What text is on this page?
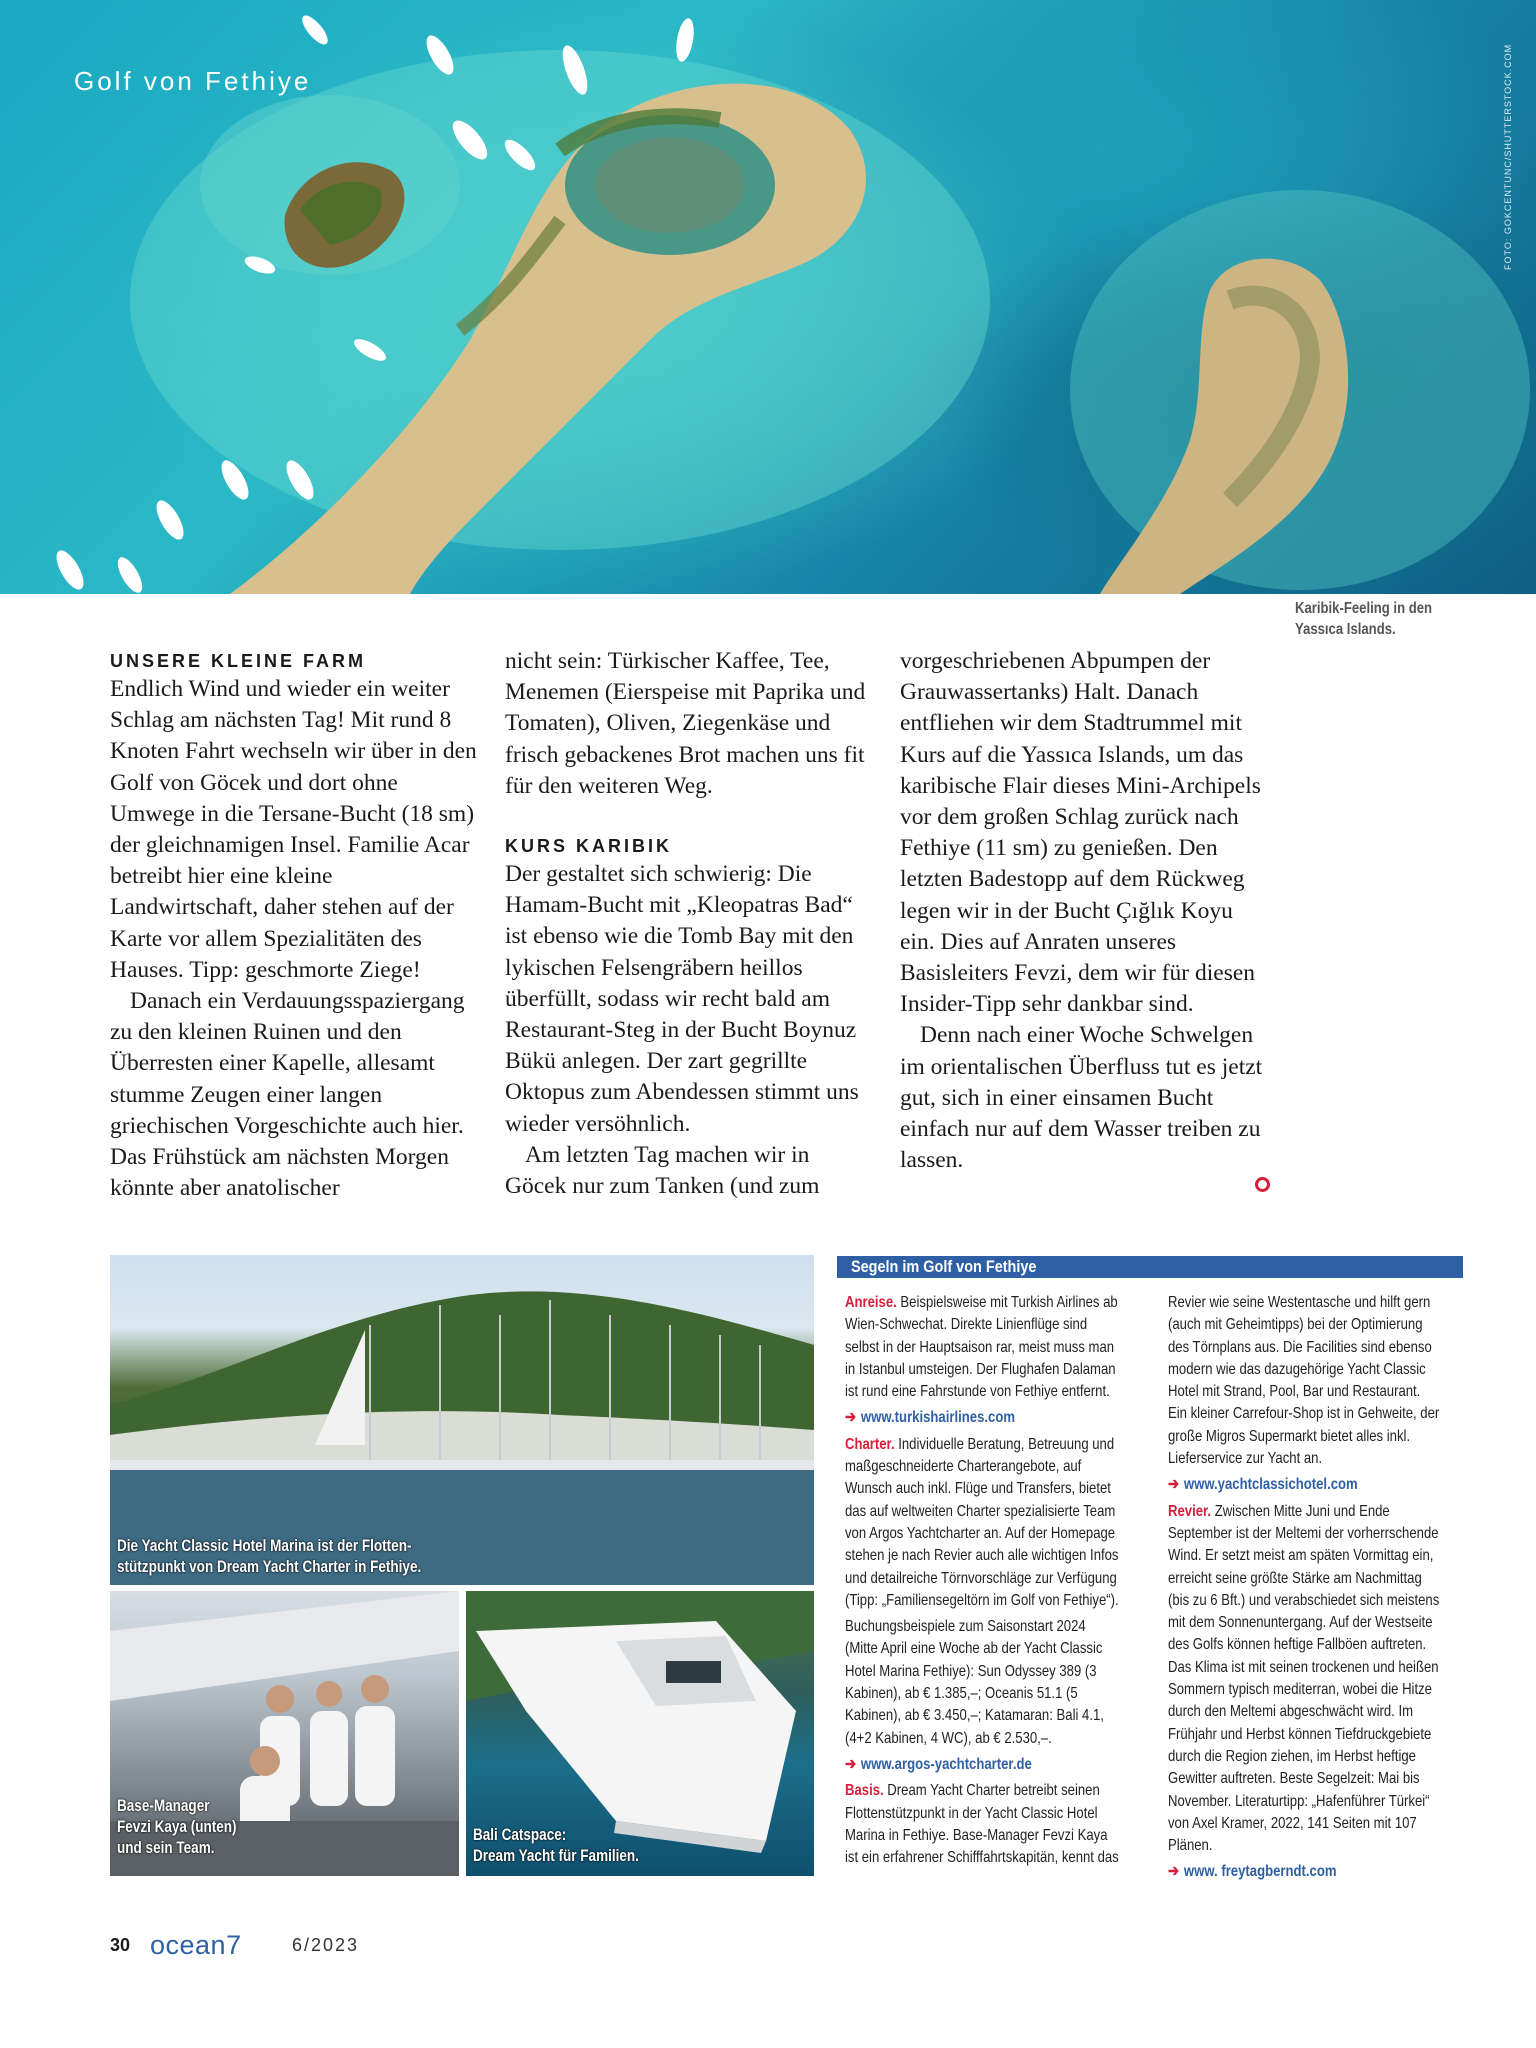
Golf von Fethiye	FOTO: GOKCENTUNC/SHUTTERSTOCK.COM
Karibik-Feeling in den Yassıca Islands.
UNSERE KLEINE FARM

Endlich Wind und wieder ein weiter Schlag am nächsten Tag! Mit rund 8 Knoten Fahrt wechseln wir über in den Golf von Göcek und dort ohne Umwege in die Tersane-Bucht (18 sm) der gleichnamigen Insel. Familie Acar betreibt hier eine kleine Landwirtschaft, daher stehen auf der Karte vor allem Spezialitäten des Hauses. Tipp: geschmorte Ziege!

Danach ein Verdauungsspaziergang zu den kleinen Ruinen und den Überresten einer Kapelle, allesamt stumme Zeugen einer langen griechischen Vorgeschichte auch hier. Das Frühstück am nächsten Morgen könnte aber anatolischer

nicht sein: Türkischer Kaffee, Tee, Menemen (Eierspeise mit Paprika und Tomaten), Oliven, Ziegenkäse und frisch gebackenes Brot machen uns fit für den weiteren Weg.

KURS KARIBIK

Der gestaltet sich schwierig: Die Hamam-Bucht mit „Kleopatras Bad“ ist ebenso wie die Tomb Bay mit den lykischen Felsengräbern heillos überfüllt, sodass wir recht bald am Restaurant-Steg in der Bucht Boynuz Bükü anlegen. Der zart gegrillte Oktopus zum Abendessen stimmt uns wieder versöhnlich.

Am letzten Tag machen wir in Göcek nur zum Tanken (und zum

vorgeschriebenen Abpumpen der Grauwassertanks) Halt. Danach entfliehen wir dem Stadtrummel mit Kurs auf die Yassıca Islands, um das karibische Flair dieses Mini-Archipels vor dem großen Schlag zurück nach Fethiye (11 sm) zu genießen. Den letzten Badestopp auf dem Rückweg legen wir in der Bucht Çığlık Koyu ein. Dies auf Anraten unseres Basisleiters Fevzi, dem wir für diesen Insider-Tipp sehr dankbar sind.

Denn nach einer Woche Schwelgen im orientalischen Überfluss tut es jetzt gut, sich in einer einsamen Bucht einfach nur auf dem Wasser treiben zu lassen.

Die Yacht Classic Hotel Marina ist der Flotten-
stützpunkt von Dream Yacht Charter in Fethiye.
Base-Manager
Fevzi Kaya (unten)
und sein Team.
Bali Catspace:
Dream Yacht für Familien.
Segeln im Golf von Fethiye

Anreise. Beispielsweise mit Turkish Airlines ab Wien-Schwechat. Direkte Linienflüge sind selbst in der Hauptsaison rar, meist muss man in Istanbul umsteigen. Der Flughafen Dalaman ist rund eine Fahrstunde von Fethiye entfernt.

➔ www.turkishairlines.com

Charter. Individuelle Beratung, Betreuung und maßgeschneiderte Charterangebote, auf Wunsch auch inkl. Flüge und Transfers, bietet das auf weltweiten Charter spezialisierte Team von Argos Yachtcharter an. Auf der Homepage stehen je nach Revier auch alle wichtigen Infos und detailreiche Törnvorschläge zur Verfügung (Tipp: „Familiensegeltörn im Golf von Fethiye“).

Buchungsbeispiele zum Saisonstart 2024 (Mitte April eine Woche ab der Yacht Classic Hotel Marina Fethiye): Sun Odyssey 389 (3 Kabinen), ab € 1.385,–; Oceanis 51.1 (5 Kabinen), ab € 3.450,–; Katamaran: Bali 4.1, (4+2 Kabinen, 4 WC), ab € 2.530,–.

➔ www.argos-yachtcharter.de

Basis. Dream Yacht Charter betreibt seinen Flottenstützpunkt in der Yacht Classic Hotel Marina in Fethiye. Base-Manager Fevzi Kaya ist ein erfahrener Schifffahrtskapitän, kennt das

Revier wie seine Westentasche und hilft gern (auch mit Geheimtipps) bei der Optimierung des Törnplans aus. Die Facilities sind ebenso modern wie das dazugehörige Yacht Classic Hotel mit Strand, Pool, Bar und Restaurant. Ein kleiner Carrefour-Shop ist in Gehweite, der große Migros Supermarkt bietet alles inkl. Lieferservice zur Yacht an.

➔ www.yachtclassichotel.com

Revier. Zwischen Mitte Juni und Ende September ist der Meltemi der vorherrschende Wind. Er setzt meist am späten Vormittag ein, erreicht seine größte Stärke am Nachmittag (bis zu 6 Bft.) und verabschiedet sich meistens mit dem Sonnenuntergang. Auf der Westseite des Golfs können heftige Fallböen auftreten. Das Klima ist mit seinen trockenen und heißen Sommern typisch mediterran, wobei die Hitze durch den Meltemi abgeschwächt wird. Im Frühjahr und Herbst können Tiefdruckgebiete durch die Region ziehen, im Herbst heftige Gewitter auftreten. Beste Segelzeit: Mai bis November. Literaturtipp: „Hafenführer Türkei“ von Axel Kramer, 2022, 141 Seiten mit 107 Plänen.

➔ www. freytagberndt.com

30 ocean7	6/2023
